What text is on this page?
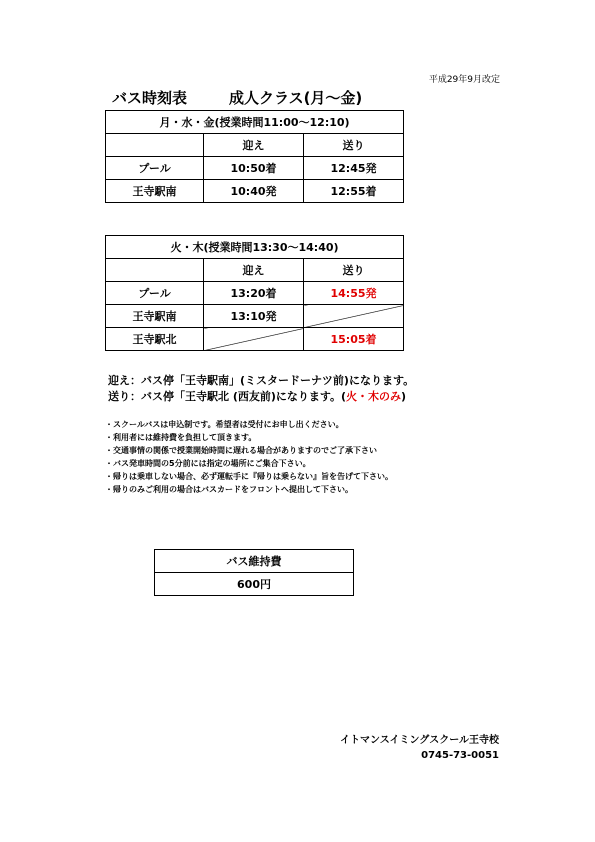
平成29年9月改定
バス時刻表	成人クラス(月～金)
月・水・金(授業時間11:00～12:10)		
	迎え	送り
プール	10:50着	12:45発
王寺駅南	10:40発	12:55着
火・木(授業時間13:30～14:40)		
	迎え	送り
プール	13:20着	14:55発
王寺駅南	13:10発	
王寺駅北		15:05着
迎え：バス停「王寺駅南」(ミスタードーナツ前)になります。
送り：バス停「王寺駅北 (西友前)になります。(火・木のみ)
・スクールバスは申込制です。希望者は受付にお申し出ください。
・利用者には維持費を負担して頂きます。
・交通事情の関係で授業開始時間に遅れる場合がありますのでご了承下さい
・バス発車時間の5分前には指定の場所にご集合下さい。
・帰りは乗車しない場合、必ず運転手に『帰りは乗らない』旨を告げて下さい。
・帰りのみご利用の場合はバスカードをフロントへ提出して下さい。
バス維持費
600円
イトマンスイミングスクール王寺校
0745-73-0051
